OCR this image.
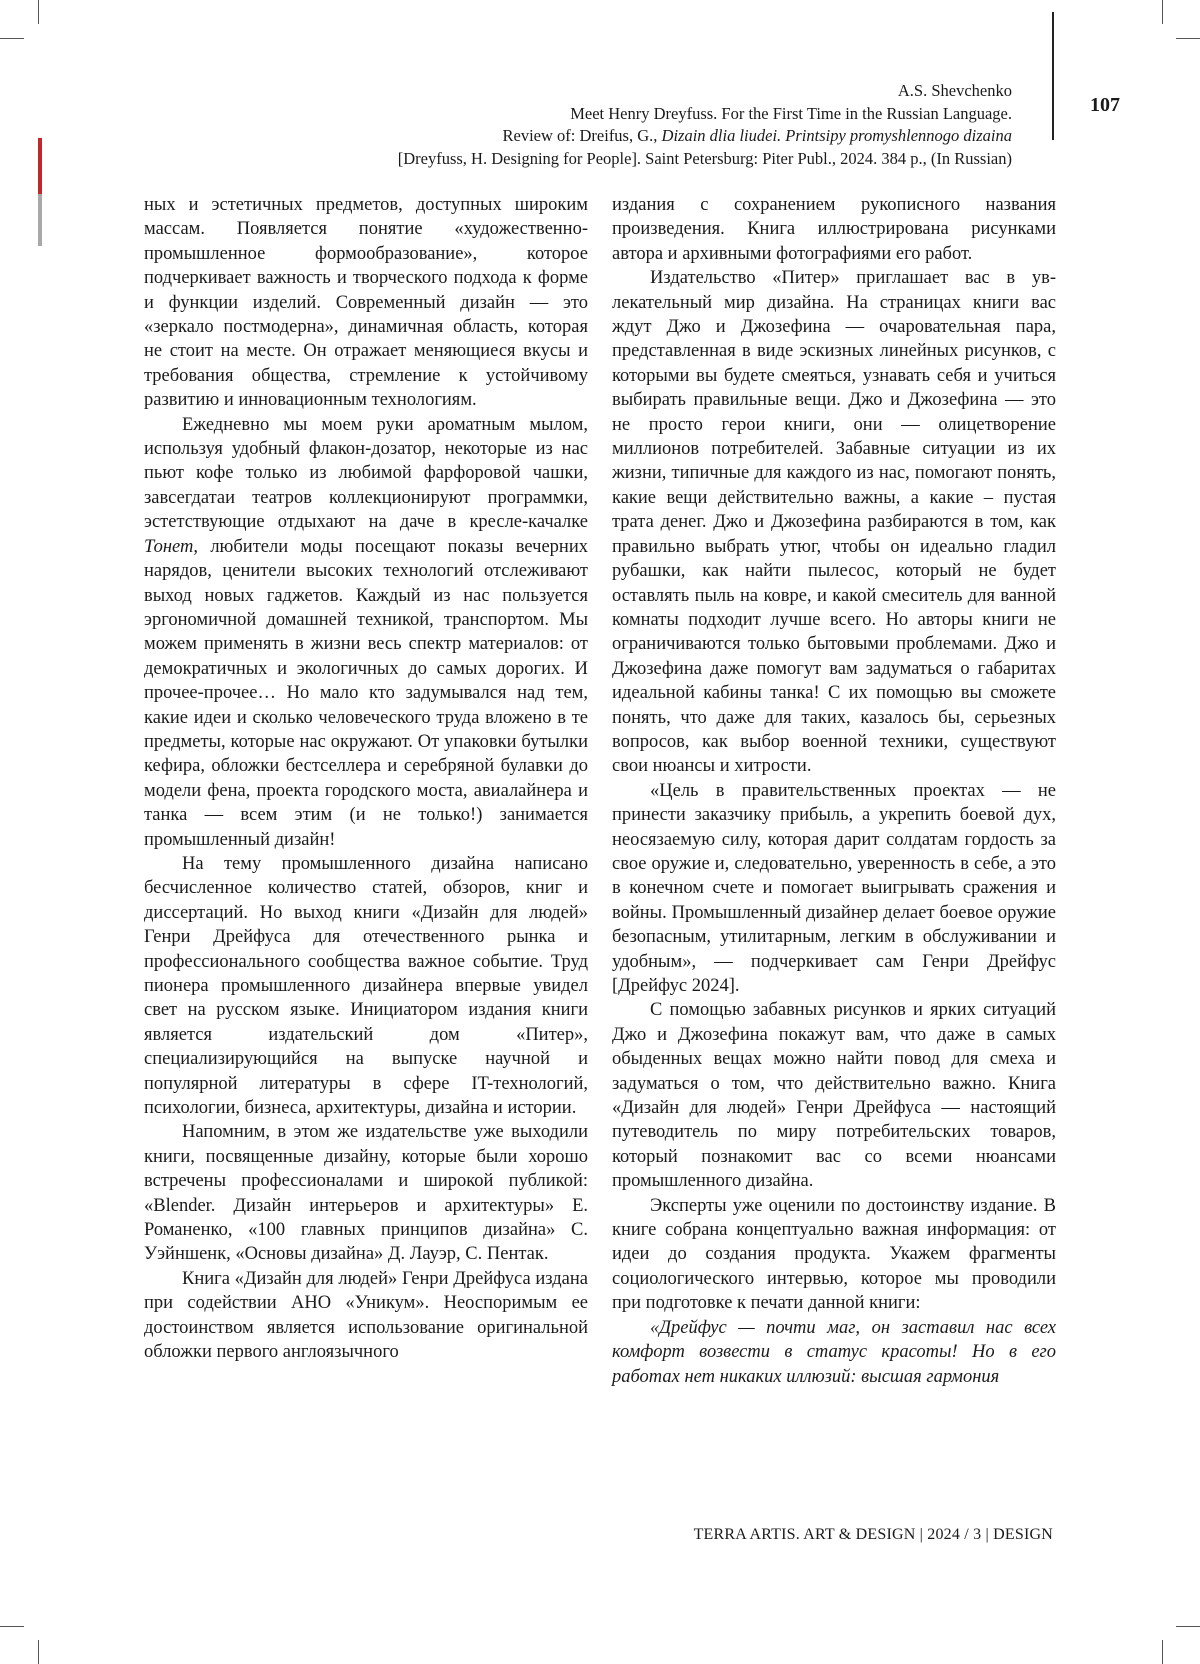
A.S. Shevchenko
Meet Henry Dreyfuss. For the First Time in the Russian Language.
Review of: Dreifus, G., Dizain dlia liudei. Printsipy promyshlennogo dizaina
[Dreyfuss, H. Designing for People]. Saint Petersburg: Piter Publ., 2024. 384 p., (In Russian)
107

ных и эстетичных предметов, доступных широким массам. Появляется понятие «художественно-промышленное формообразование», которое подчеркивает важность и творческого подхода к форме и функции изделий. Современный дизайн — это «зеркало постмодерна», динамичная область, которая не стоит на месте. Он отражает меняющиеся вкусы и требования общества, стремление к устойчивому развитию и инновационным технологиям.

Ежедневно мы моем руки ароматным мылом, используя удобный флакон-дозатор, некоторые из нас пьют кофе только из любимой фарфоровой чашки, завсегдатаи театров коллекционируют программки, эстетствующие отдыхают на даче в кресле-качалке Тонет, любители моды посещают показы вечерних нарядов, ценители высоких технологий отслеживают выход новых гаджетов. Каждый из нас пользуется эргономичной домашней техникой, транспортом. Мы можем применять в жизни весь спектр материалов: от демократичных и экологичных до самых дорогих. И прочее-прочее… Но мало кто задумывался над тем, какие идеи и сколько человеческого труда вложено в те предметы, которые нас окружают. От упаковки бутылки кефира, обложки бестселлера и серебряной булавки до модели фена, проекта городского моста, авиалайнера и танка — всем этим (и не только!) занимается промышленный дизайн!

На тему промышленного дизайна написано бесчисленное количество статей, обзоров, книг и диссертаций. Но выход книги «Дизайн для людей» Генри Дрейфуса для отечественного рынка и профессионального сообщества важное событие. Труд пионера промышленного дизайнера впервые увидел свет на русском языке. Инициатором издания книги является издательский дом «Питер», специализирующийся на выпуске научной и популярной литературы в сфере IT-технологий, психологии, бизнеса, архитектуры, дизайна и истории.

Напомним, в этом же издательстве уже выходили книги, посвященные дизайну, которые были хорошо встречены профессионалами и широкой публикой: «Blender. Дизайн интерьеров и архитектуры» Е. Романенко, «100 главных принципов дизайна» С. Уэйншенк, «Основы дизайна» Д. Лауэр, С. Пентак.

Книга «Дизайн для людей» Генри Дрейфуса издана при содействии АНО «Уникум». Неоспоримым ее достоинством является использование оригинальной обложки первого англоязычного

издания с сохранением рукописного названия произведения. Книга иллюстрирована рисунками автора и архивными фотографиями его работ.

Издательство «Питер» приглашает вас в увлекательный мир дизайна. На страницах книги вас ждут Джо и Джозефина — очаровательная пара, представленная в виде эскизных линейных рисунков, с которыми вы будете смеяться, узнавать себя и учиться выбирать правильные вещи. Джо и Джозефина — это не просто герои книги, они — олицетворение миллионов потребителей. Забавные ситуации из их жизни, типичные для каждого из нас, помогают понять, какие вещи действительно важны, а какие – пустая трата денег. Джо и Джозефина разбираются в том, как правильно выбрать утюг, чтобы он идеально гладил рубашки, как найти пылесос, который не будет оставлять пыль на ковре, и какой смеситель для ванной комнаты подходит лучше всего. Но авторы книги не ограничиваются только бытовыми проблемами. Джо и Джозефина даже помогут вам задуматься о габаритах идеальной кабины танка! С их помощью вы сможете понять, что даже для таких, казалось бы, серьезных вопросов, как выбор военной техники, существуют свои нюансы и хитрости.

«Цель в правительственных проектах — не принести заказчику прибыль, а укрепить боевой дух, неосязаемую силу, которая дарит солдатам гордость за свое оружие и, следовательно, уверенность в себе, а это в конечном счете и помогает выигрывать сражения и войны. Промышленный дизайнер делает боевое оружие безопасным, утилитарным, легким в обслуживании и удобным», — подчеркивает сам Генри Дрейфус [Дрейфус 2024].

С помощью забавных рисунков и ярких ситуаций Джо и Джозефина покажут вам, что даже в самых обыденных вещах можно найти повод для смеха и задуматься о том, что действительно важно. Книга «Дизайн для людей» Генри Дрейфуса — настоящий путеводитель по миру потребительских товаров, который познакомит вас со всеми нюансами промышленного дизайна.

Эксперты уже оценили по достоинству издание. В книге собрана концептуально важная информация: от идеи до создания продукта. Укажем фрагменты социологического интервью, которое мы проводили при подготовке к печати данной книги:

«Дрейфус — почти маг, он заставил нас всех комфорт возвести в статус красоты! Но в его работах нет никаких иллюзий: высшая гармония

TERRA ARTIS. ART & DESIGN | 2024 / 3 | DESIGN
